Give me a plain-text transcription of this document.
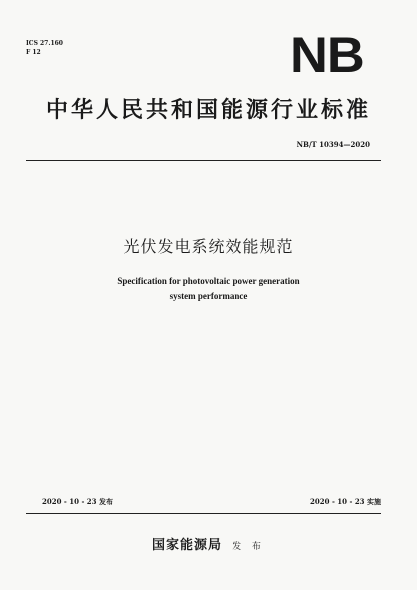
ICS 27.160
F 12	NB
中华人民共和国能源行业标准
NB/T 10394—2020
光伏发电系统效能规范
Specification for photovoltaic power generation
system performance
2020 - 10 - 23 发布	2020 - 10 - 23 实施
国家能源局 发 布
